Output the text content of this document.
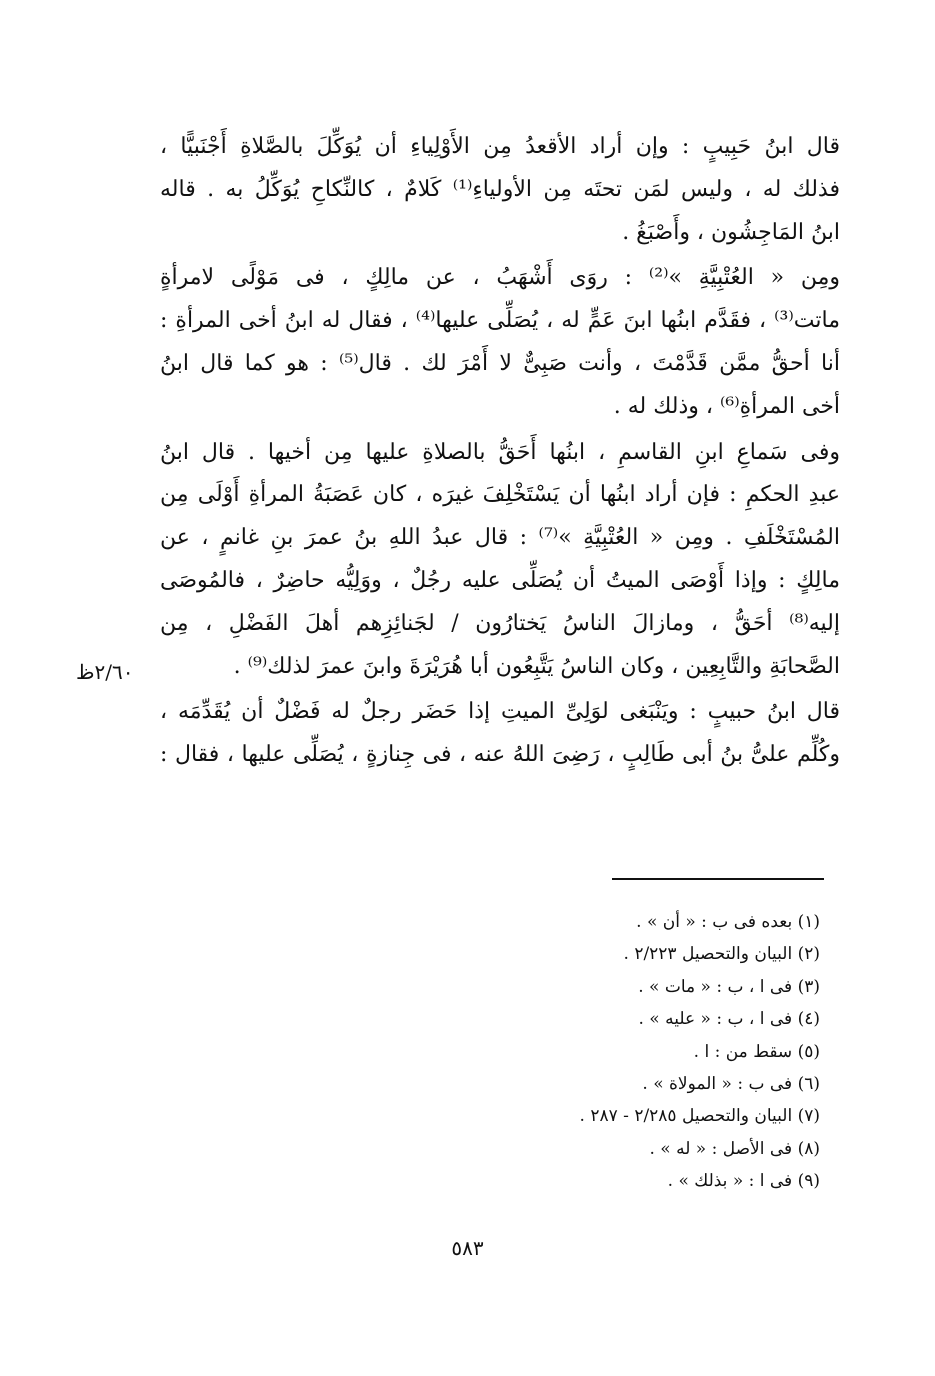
قال ابنُ حَبِيبٍ : وإن أراد الأقعدُ مِن الأَوْلِياءِ أن يُوَكِّلَ بالصَّلاةِ أَجْنَبيًّا ،
فذلك له ، وليس لمَن تحتَه مِن الأولياءِ⁽¹⁾ كَلامٌ ، كالنِّكاحِ يُوَكِّلُ به . قاله
ابنُ المَاجِشُون ، وأَصْبَغُ .

ومِن « العُتْبِيَّةِ »⁽²⁾ : روَى أَشْهَبُ ، عن مالِكٍ ، فى مَوْلًى لامرأةٍ
ماتت⁽³⁾ ، فقَدَّم ابنُها ابنَ عَمٍّ له ، يُصَلِّى عليها⁽⁴⁾ ، فقال له ابنُ أخى المرأةِ :
أنا أحقُّ ممَّن قَدَّمْتَ ، وأنت صَبِىٌّ لا أَمْرَ لك . قال⁽⁵⁾ : هو كما قال ابنُ
أخى المرأةِ⁽⁶⁾ ، وذلك له .

وفى سَماعِ ابنِ القاسمِ ، ابنُها أَحَقُّ بالصلاةِ عليها مِن أخيها . قال ابنُ
عبدِ الحكمِ : فإن أراد ابنُها أن يَسْتَخْلِفَ غيرَه ، كان عَصَبَةُ المرأةِ أَوْلَى مِن
المُسْتَخْلَفِ . ومِن « العُتْبِيَّةِ »⁽⁷⁾ : قال عبدُ اللهِ بنُ عمرَ بنِ غانمٍ ، عن
مالِكٍ : وإذا أَوْصَى الميتُ أن يُصَلِّى عليه رجُلٌ ، ووَلِيُّه حاضِرٌ ، فالمُوصَى
إليه⁽⁸⁾ أحَقُّ ، ومازالَ الناسُ يَختارُون / لجَنائِزِهم أهلَ الفَضْلِ ، مِن
الصَّحابَةِ والتَّابِعِين ، وكان الناسُ يَتَّبِعُون أبا هُرَيْرَةَ وابنَ عمرَ لذلك⁽⁹⁾ .

قال ابنُ حبيبٍ : ويَنْبَغى لوَلِىِّ الميتِ إذا حَضَر رجلٌ له فَضْلٌ أن يُقَدِّمَه ،
وكُلِّم علىُّ بنُ أبى طَالِبٍ ، رَضِىَ اللهُ عنه ، فى جِنازةٍ ، يُصَلِّى عليها ، فقال :

٢/٦٠ظ
(١) بعده فى ب : « أن » .
(٢) البيان والتحصيل ٢/٢٢٣ .
(٣) فى ا ، ب : « مات » .
(٤) فى ا ، ب : « عليه » .
(٥) سقط من : ا .
(٦) فى ب : « المولاة » .
(٧) البيان والتحصيل ٢/٢٨٥ - ٢٨٧ .
(٨) فى الأصل : « له » .
(٩) فى ا : « بذلك » .
٥٨٣
